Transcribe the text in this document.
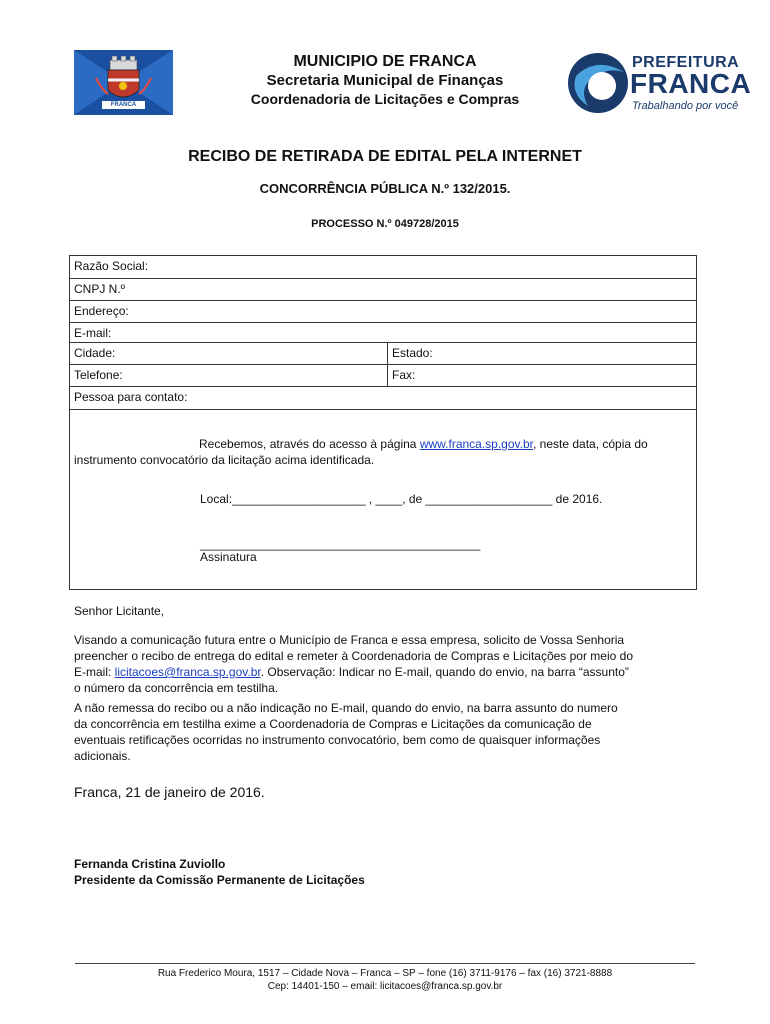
FRANCA
MUNICIPIO DE FRANCA
Secretaria Municipal de Finanças
Coordenadoria de Licitações e Compras
PREFEITURA
FRANCA
Trabalhando por você
RECIBO DE RETIRADA DE EDITAL PELA INTERNET
CONCORRÊNCIA PÚBLICA N.º 132/2015.
PROCESSO N.º 049728/2015
Razão Social:
CNPJ N.º
Endereço:
E-mail:
Cidade:	Estado:
Telefone:	Fax:
Pessoa para contato:
Recebemos, através do acesso à página www.franca.sp.gov.br, neste data, cópia do
instrumento convocatório da licitação acima identificada.
Local:____________________ , ____, de ___________________ de 2016.
__________________________________________
Assinatura
Senhor Licitante,
Visando a comunicação futura entre o Município de Franca e essa empresa, solicito de Vossa Senhoria
preencher o recibo de entrega do edital e remeter à Coordenadoria de Compras e Licitações por meio do
E-mail: licitacoes@franca.sp.gov.br. Observação: Indicar no E-mail, quando do envio, na barra “assunto”
o número da concorrência em testilha.
A não remessa do recibo ou a não indicação no E-mail, quando do envio, na barra assunto do numero
da concorrência em testilha exime a Coordenadoria de Compras e Licitações da comunicação de
eventuais retificações ocorridas no instrumento convocatório, bem como de quaisquer informações
adicionais.
Franca, 21 de janeiro de 2016.
Fernanda Cristina Zuviollo
Presidente da Comissão Permanente de Licitações
Rua Frederico Moura, 1517 – Cidade Nova – Franca – SP – fone (16) 3711-9176 – fax (16) 3721-8888
Cep: 14401-150 – email: licitacoes@franca.sp.gov.br
